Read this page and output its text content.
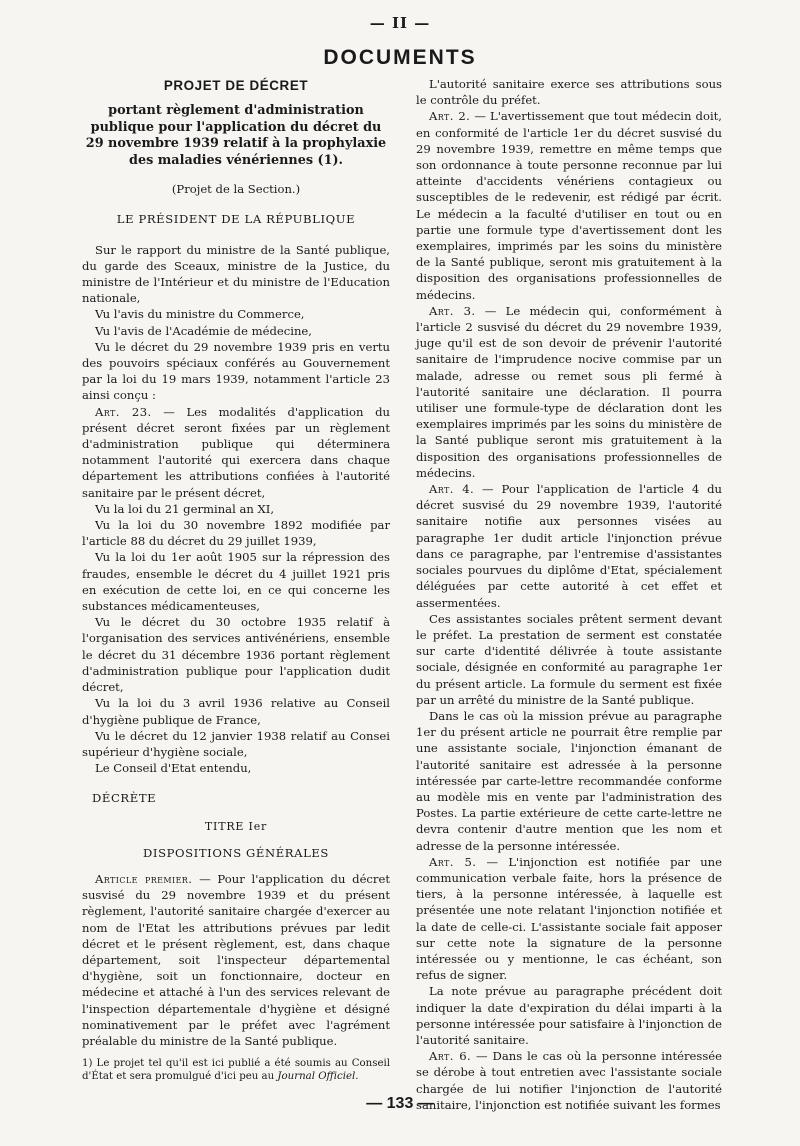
— II —
DOCUMENTS
PROJET DE DÉCRET
portant règlement d'administration publique pour l'application du décret du 29 novembre 1939 relatif à la prophylaxie des maladies vénériennes (1).

(Projet de la Section.)

LE PRÉSIDENT DE LA RÉPUBLIQUE

Sur le rapport du ministre de la Santé publique, du garde des Sceaux, ministre de la Justice, du ministre de l'Intérieur et du ministre de l'Education nationale,

Vu l'avis du ministre du Commerce,

Vu l'avis de l'Académie de médecine,

Vu le décret du 29 novembre 1939 pris en vertu des pouvoirs spéciaux conférés au Gouvernement par la loi du 19 mars 1939, notamment l'article 23 ainsi conçu :

Art. 23. — Les modalités d'application du présent décret seront fixées par un règlement d'administration publique qui déterminera notamment l'autorité qui exercera dans chaque département les attributions confiées à l'autorité sanitaire par le présent décret,

Vu la loi du 21 germinal an XI,

Vu la loi du 30 novembre 1892 modifiée par l'article 88 du décret du 29 juillet 1939,

Vu la loi du 1er août 1905 sur la répression des fraudes, ensemble le décret du 4 juillet 1921 pris en exécution de cette loi, en ce qui concerne les substances médicamenteuses,

Vu le décret du 30 octobre 1935 relatif à l'organisation des services antivénériens, ensemble le décret du 31 décembre 1936 portant règlement d'administration publique pour l'application dudit décret,

Vu la loi du 3 avril 1936 relative au Conseil d'hygiène publique de France,

Vu le décret du 12 janvier 1938 relatif au Consei supérieur d'hygiène sociale,

Le Conseil d'Etat entendu,

DÉCRÈTE

TITRE Ier

DISPOSITIONS GÉNÉRALES

Article premier. — Pour l'application du décret susvisé du 29 novembre 1939 et du présent règlement, l'autorité sanitaire chargée d'exercer au nom de l'Etat les attributions prévues par ledit décret et le présent règlement, est, dans chaque département, soit l'inspecteur départemental d'hygiène, soit un fonctionnaire, docteur en médecine et attaché à l'un des services relevant de l'inspection départementale d'hygiène et désigné nominativement par le préfet avec l'agrément préalable du ministre de la Santé publique.

1) Le projet tel qu'il est ici publié a été soumis au Conseil d'État et sera promulgué d'ici peu au Journal Officiel.

L'autorité sanitaire exerce ses attributions sous le contrôle du préfet.

Art. 2. — L'avertissement que tout médecin doit, en conformité de l'article 1er du décret susvisé du 29 novembre 1939, remettre en même temps que son ordonnance à toute personne reconnue par lui atteinte d'accidents vénériens contagieux ou susceptibles de le redevenir, est rédigé par écrit. Le médecin a la faculté d'utiliser en tout ou en partie une formule type d'avertissement dont les exemplaires, imprimés par les soins du ministère de la Santé publique, seront mis gratuitement à la disposition des organisations professionnelles de médecins.

Art. 3. — Le médecin qui, conformément à l'article 2 susvisé du décret du 29 novembre 1939, juge qu'il est de son devoir de prévenir l'autorité sanitaire de l'imprudence nocive commise par un malade, adresse ou remet sous pli fermé à l'autorité sanitaire une déclaration. Il pourra utiliser une formule-type de déclaration dont les exemplaires imprimés par les soins du ministère de la Santé publique seront mis gratuitement à la disposition des organisations professionnelles de médecins.

Art. 4. — Pour l'application de l'article 4 du décret susvisé du 29 novembre 1939, l'autorité sanitaire notifie aux personnes visées au paragraphe 1er dudit article l'injonction prévue dans ce paragraphe, par l'entremise d'assistantes sociales pourvues du diplôme d'Etat, spécialement déléguées par cette autorité à cet effet et assermentées.

Ces assistantes sociales prêtent serment devant le préfet. La prestation de serment est constatée sur carte d'identité délivrée à toute assistante sociale, désignée en conformité au paragraphe 1er du présent article. La formule du serment est fixée par un arrêté du ministre de la Santé publique.

Dans le cas où la mission prévue au paragraphe 1er du présent article ne pourrait être remplie par une assistante sociale, l'injonction émanant de l'autorité sanitaire est adressée à la personne intéressée par carte-lettre recommandée conforme au modèle mis en vente par l'administration des Postes. La partie extérieure de cette carte-lettre ne devra contenir d'autre mention que les nom et adresse de la personne intéressée.

Art. 5. — L'injonction est notifiée par une communication verbale faite, hors la présence de tiers, à la personne intéressée, à laquelle est présentée une note relatant l'injonction notifiée et la date de celle-ci. L'assistante sociale fait apposer sur cette note la signature de la personne intéressée ou y mentionne, le cas échéant, son refus de signer.

La note prévue au paragraphe précédent doit indiquer la date d'expiration du délai imparti à la personne intéressée pour satisfaire à l'injonction de l'autorité sanitaire.

Art. 6. — Dans le cas où la personne intéressée se dérobe à tout entretien avec l'assistante sociale chargée de lui notifier l'injonction de l'autorité sanitaire, l'injonction est notifiée suivant les formes

— 133 —
